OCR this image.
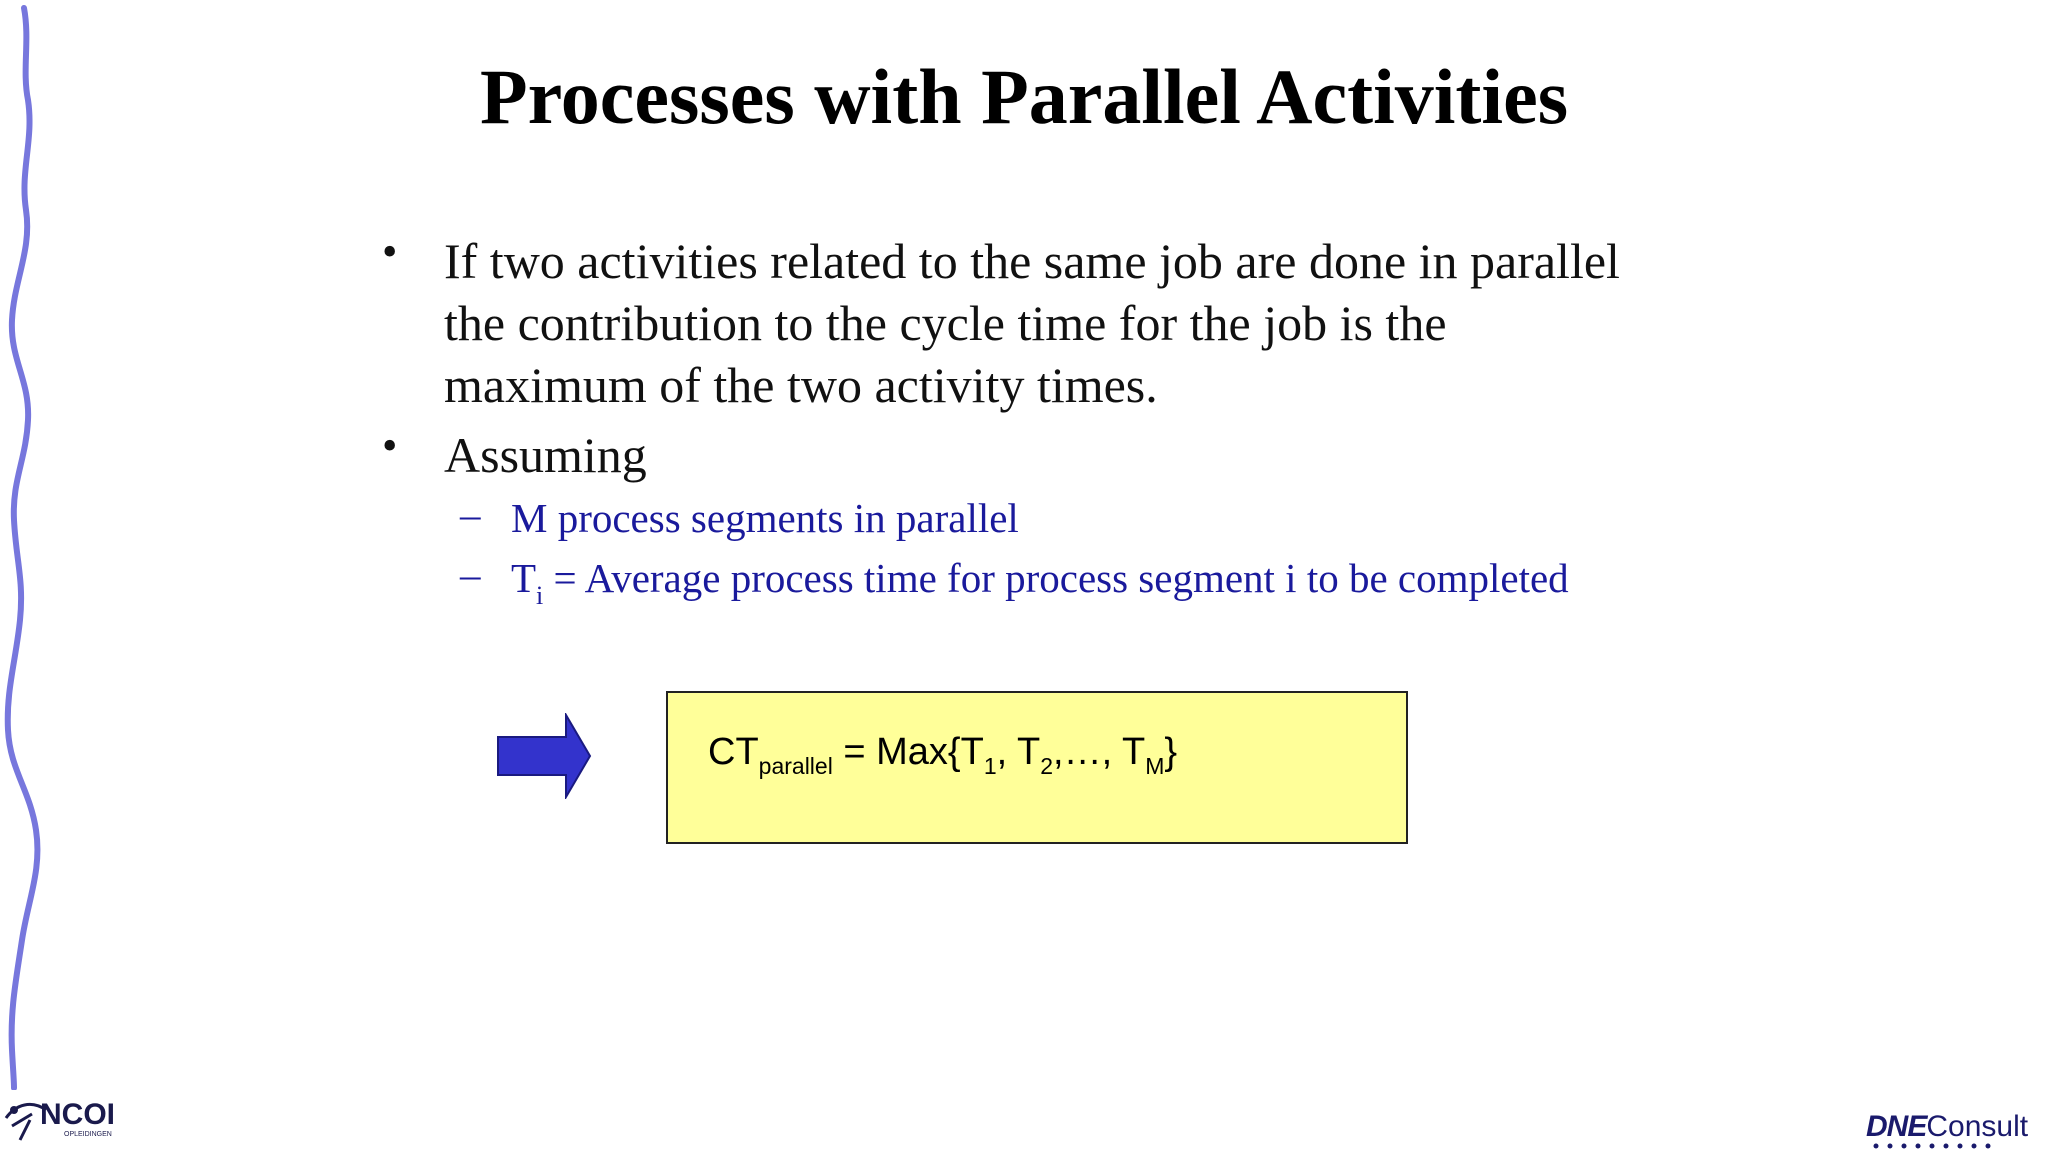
Processes with Parallel Activities
• If two activities related to the same job are done in parallel
the contribution to the cycle time for the job is the
maximum of the two activity times.
• Assuming
– M process segments in parallel
– $T_i$ = Average process time for process segment i to be completed
$CT_{parallel} = Max\{T_1$, $T_2,\dots$, $T_M$}
NCOI
OPLEIDINGEN	DNEConsult
